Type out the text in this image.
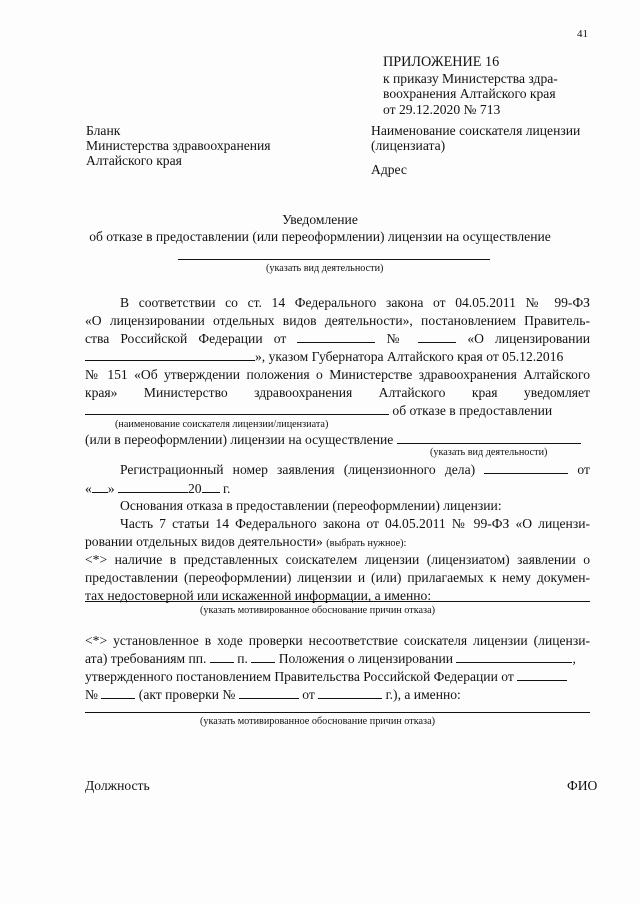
41
ПРИЛОЖЕНИЕ 16
к приказу Министерства здра-
воохранения Алтайского края
от 29.12.2020 № 713
Бланк
Министерства здравоохранения
Алтайского края
Наименование соискателя лицензии
(лицензиата)
Адрес
Уведомление
об отказе в предоставлении (или переоформлении) лицензии на осуществление
(указать вид деятельности)
В соответствии со ст. 14 Федерального закона от 04.05.2011 № 99-ФЗ
«О лицензировании отдельных видов деятельности», постановлением Правитель-
ства Российской Федерации от	№	«О лицензировании
», указом Губернатора Алтайского края от 05.12.2016
№ 151 «Об утверждении положения о Министерстве здравоохранения Алтайского
края» Министерство здравоохранения Алтайского края уведомляет
об отказе в предоставлении
(наименование соискателя лицензии/лицензиата)
(или в переоформлении) лицензии на осуществление
(указать вид деятельности)
Регистрационный номер заявления (лицензионного дела)	от
« »	20 г.
Основания отказа в предоставлении (переоформлении) лицензии:
Часть 7 статьи 14 Федерального закона от 04.05.2011 № 99-ФЗ «О лицензи-
ровании отдельных видов деятельности» (выбрать нужное):
<*> наличие в представленных соискателем лицензии (лицензиатом) заявлении о
предоставлении (переоформлении) лицензии и (или) прилагаемых к нему докумен-
тах недостоверной или искаженной информации, а именно:
(указать мотивированное обоснование причин отказа)
<*> установленное в ходе проверки несоответствие соискателя лицензии (лицензи-
ата) требованиям пп. п. Положения о лицензировании	,
утвержденного постановлением Правительства Российской Федерации от
№	(акт проверки №	от	г.), а именно:
(указать мотивированное обоснование причин отказа)
Должность	ФИО
